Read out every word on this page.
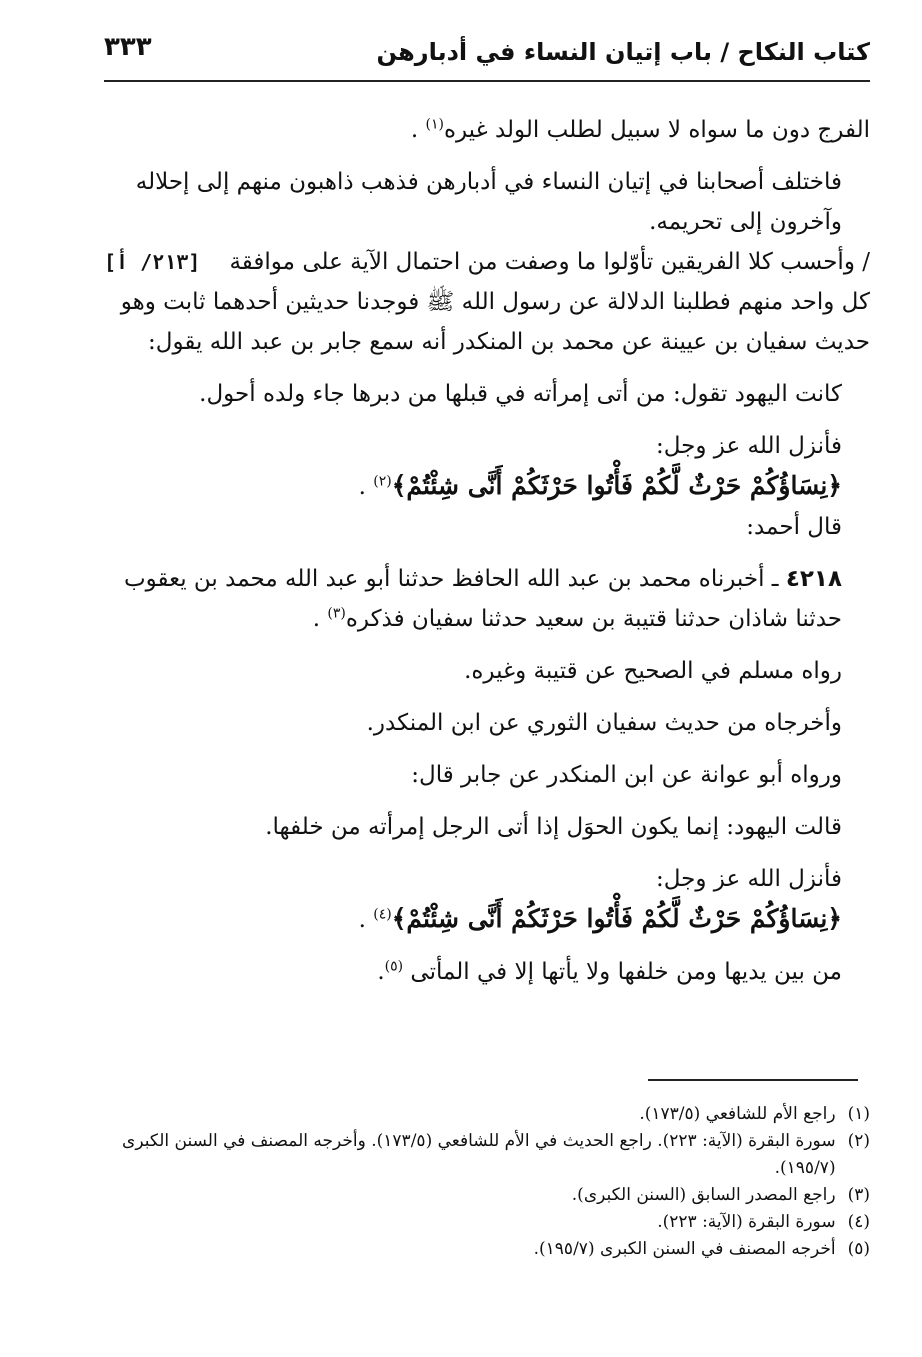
كتاب النكاح / باب إتيان النساء في أدبارهن
٣٣٣

الفرج دون ما سواه لا سبيل لطلب الولد غيره$^{(١)}$ .

فاختلف أصحابنا في إتيان النساء في أدبارهن فذهب ذاهبون منهم إلى إحلاله وآخرون إلى تحريمه.

[٢١٣/ أ] / وأحسب كلا الفريقين تأوّلوا ما وصفت من احتمال الآية على موافقة كل واحد منهم فطلبنا الدلالة عن رسول الله ﷺ فوجدنا حديثين أحدهما ثابت وهو حديث سفيان بن عيينة عن محمد بن المنكدر أنه سمع جابر بن عبد الله يقول:

كانت اليهود تقول: من أتى إمرأته في قبلها من دبرها جاء ولده أحول.

فأنزل الله عز وجل:

﴿نِسَاؤُكُمْ حَرْثٌ لَّكُمْ فَأْتُوا حَرْثَكُمْ أَنَّى شِئْتُمْ﴾$^{(٢)}$ .

قال أحمد:

٤٢١٨ ـ أخبرناه محمد بن عبد الله الحافظ حدثنا أبو عبد الله محمد بن يعقوب حدثنا شاذان حدثنا قتيبة بن سعيد حدثنا سفيان فذكره$^{(٣)}$ .

رواه مسلم في الصحيح عن قتيبة وغيره.

وأخرجاه من حديث سفيان الثوري عن ابن المنكدر.

ورواه أبو عوانة عن ابن المنكدر عن جابر قال:

قالت اليهود: إنما يكون الحوَل إذا أتى الرجل إمرأته من خلفها.

فأنزل الله عز وجل:

﴿نِسَاؤُكُمْ حَرْثٌ لَّكُمْ فَأْتُوا حَرْثَكُمْ أَنَّى شِئْتُمْ﴾$^{(٤)}$ .

من بين يديها ومن خلفها ولا يأتها إلا في المأتى $^{(٥)}$.

(١)
راجع الأم للشافعي (١٧٣/٥).

(٢)
سورة البقرة (الآية: ٢٢٣). راجع الحديث في الأم للشافعي (١٧٣/٥). وأخرجه المصنف في السنن الكبرى (١٩٥/٧).

(٣)
راجع المصدر السابق (السنن الكبرى).

(٤)
سورة البقرة (الآية: ٢٢٣).

(٥)
أخرجه المصنف في السنن الكبرى (١٩٥/٧).
